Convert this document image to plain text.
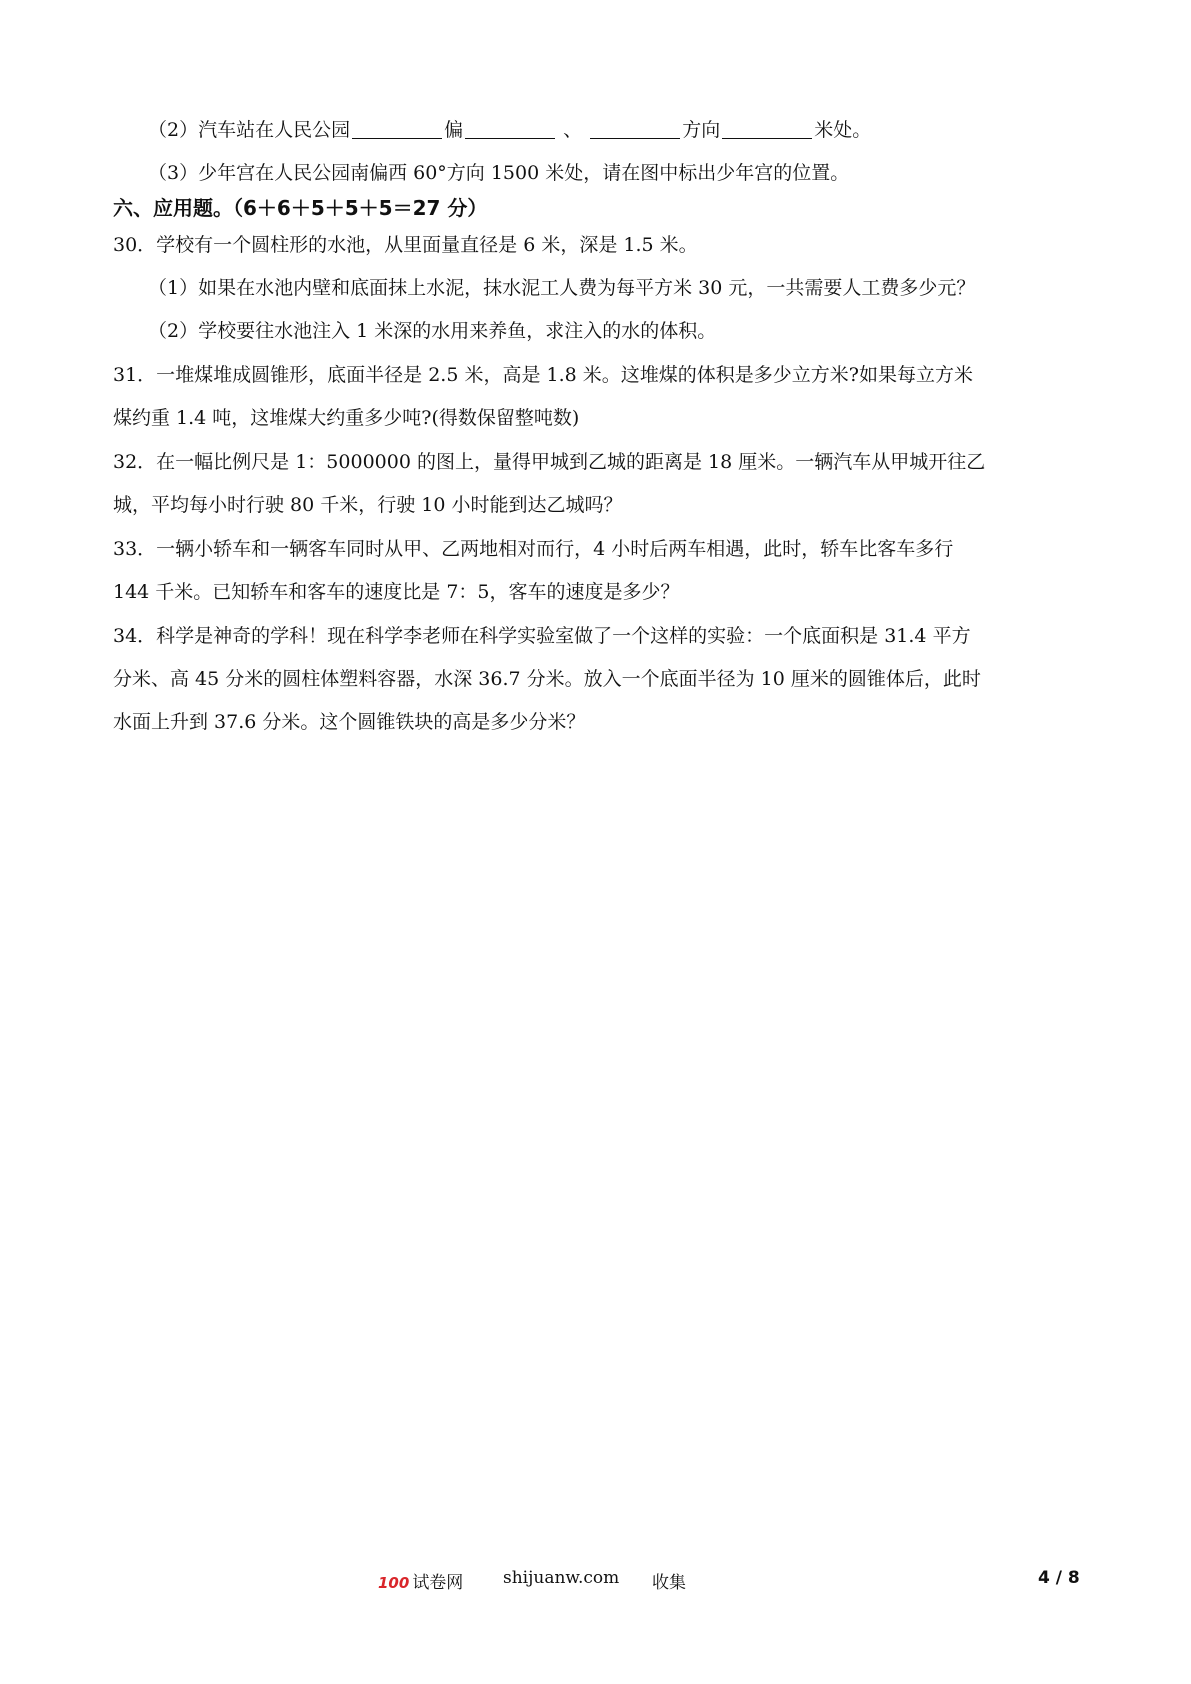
（2）汽车站在人民公园	偏	、	方向	米处。
（3）少年宫在人民公园南偏西 60°方向 1500 米处，请在图中标出少年宫的位置。
六、应用题。（6＋6＋5＋5＋5＝27 分）
30．学校有一个圆柱形的水池，从里面量直径是 6 米，深是 1.5 米。
（1）如果在水池内壁和底面抹上水泥，抹水泥工人费为每平方米 30 元，一共需要人工费多少元？
（2）学校要往水池注入 1 米深的水用来养鱼，求注入的水的体积。
31．一堆煤堆成圆锥形，底面半径是 2.5 米，高是 1.8 米。这堆煤的体积是多少立方米?如果每立方米
煤约重 1.4 吨，这堆煤大约重多少吨?(得数保留整吨数)
32．在一幅比例尺是 1：5000000 的图上，量得甲城到乙城的距离是 18 厘米。一辆汽车从甲城开往乙
城，平均每小时行驶 80 千米，行驶 10 小时能到达乙城吗？
33．一辆小轿车和一辆客车同时从甲、乙两地相对而行，4 小时后两车相遇，此时，轿车比客车多行
144 千米。已知轿车和客车的速度比是 7：5，客车的速度是多少？
34．科学是神奇的学科！现在科学李老师在科学实验室做了一个这样的实验：一个底面积是 31.4 平方
分米、高 45 分米的圆柱体塑料容器，水深 36.7 分米。放入一个底面半径为 10 厘米的圆锥体后，此时
水面上升到 37.6 分米。这个圆锥铁块的高是多少分米？
100 试卷网 shijuanw.com 收集	4 / 8
